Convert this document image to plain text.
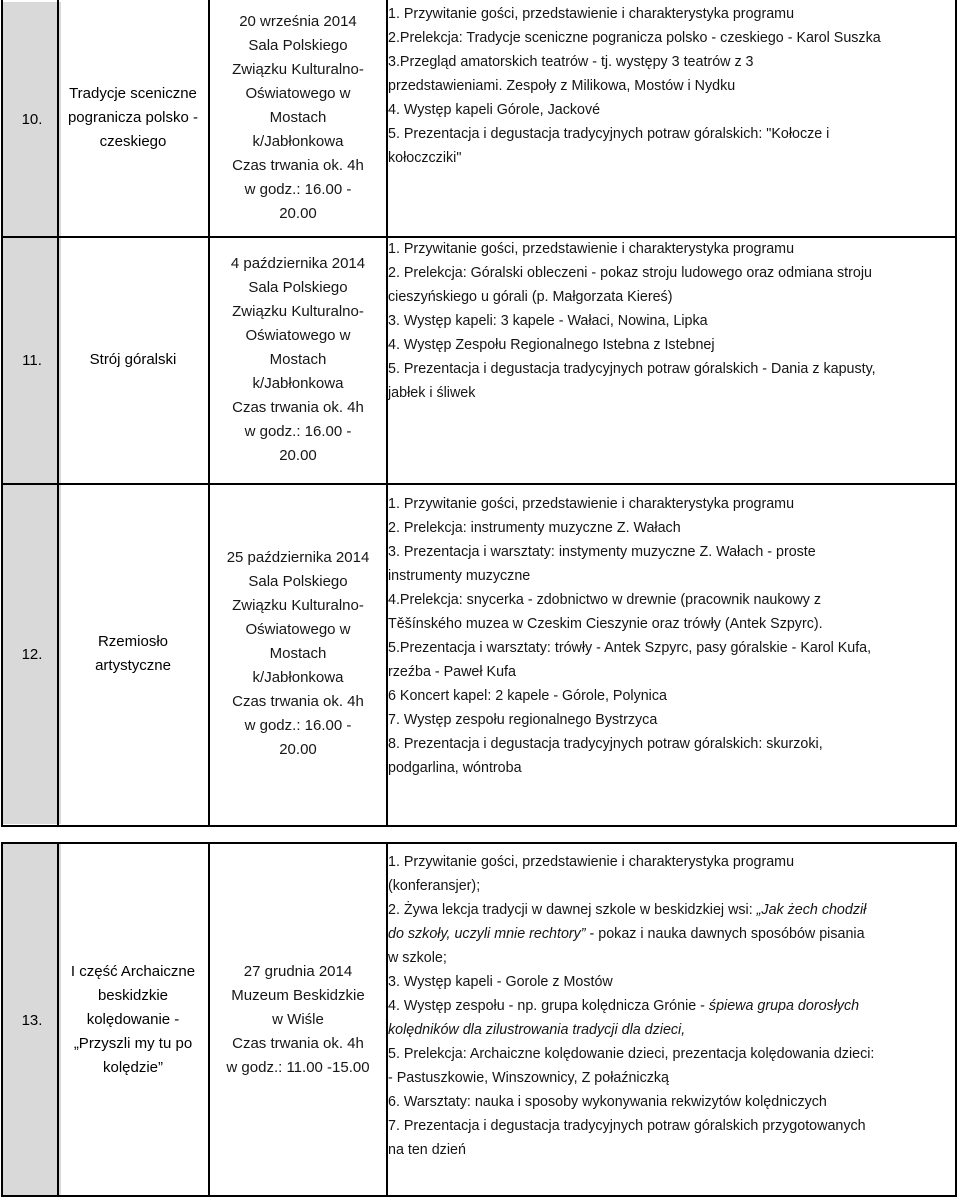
10.
Tradycje sceniczne
pogranicza polsko -
czeskiego
20 września 2014
Sala Polskiego
Związku Kulturalno-
Oświatowego w
Mostach
k/Jabłonkowa
Czas trwania ok. 4h
w godz.: 16.00 -
20.00
1. Przywitanie gości, przedstawienie i charakterystyka programu
2.Prelekcja: Tradycje sceniczne pogranicza polsko - czeskiego - Karol Suszka
3.Przegląd amatorskich teatrów - tj. występy 3 teatrów z 3
przedstawieniami. Zespoły z Milikowa, Mostów i Nydku
4. Występ kapeli Górole, Jackové
5. Prezentacja i degustacja tradycyjnych potraw góralskich: "Kołocze i
kołoczcziki"
11.	Strój góralski
4 października 2014
Sala Polskiego
Związku Kulturalno-
Oświatowego w
Mostach
k/Jabłonkowa
Czas trwania ok. 4h
w godz.: 16.00 -
20.00
1. Przywitanie gości, przedstawienie i charakterystyka programu
2. Prelekcja: Góralski obleczeni - pokaz stroju ludowego oraz odmiana stroju
cieszyńskiego u górali (p. Małgorzata Kiereś)
3. Występ kapeli: 3 kapele - Wałaci, Nowina, Lipka
4. Występ Zespołu Regionalnego Istebna z Istebnej
5. Prezentacja i degustacja tradycyjnych potraw góralskich - Dania z kapusty,
jabłek i śliwek
12.
Rzemiosło
artystyczne
25 października 2014
Sala Polskiego
Związku Kulturalno-
Oświatowego w
Mostach
k/Jabłonkowa
Czas trwania ok. 4h
w godz.: 16.00 -
20.00
1. Przywitanie gości, przedstawienie i charakterystyka programu
2. Prelekcja: instrumenty muzyczne Z. Wałach
3. Prezentacja i warsztaty: instymenty muzyczne Z. Wałach - proste
instrumenty muzyczne
4.Prelekcja: snycerka - zdobnictwo w drewnie (pracownik naukowy z
Těšínského muzea w Czeskim Cieszynie oraz trówły (Antek Szpyrc).
5.Prezentacja i warsztaty: trówły - Antek Szpyrc, pasy góralskie - Karol Kufa,
rzeźba - Paweł Kufa
6 Koncert kapel: 2 kapele - Górole, Polynica
7. Występ zespołu regionalnego Bystrzyca
8. Prezentacja i degustacja tradycyjnych potraw góralskich: skurzoki,
podgarlina, wóntroba
13.
I część Archaiczne
beskidzkie
kolędowanie -
„Przyszli my tu po
kolędzie”
27 grudnia 2014
Muzeum Beskidzkie
w Wiśle
Czas trwania ok. 4h
w godz.: 11.00 -15.00
1. Przywitanie gości, przedstawienie i charakterystyka programu
(konferansjer);
2. Żywa lekcja tradycji w dawnej szkole w beskidzkiej wsi: „Jak żech chodził
do szkoły, uczyli mnie rechtory” - pokaz i nauka dawnych sposóbów pisania
w szkole;
3. Występ kapeli - Gorole z Mostów
4. Występ zespołu - np. grupa kolędnicza Grónie - śpiewa grupa dorosłych
kolędników dla zilustrowania tradycji dla dzieci,
5. Prelekcja: Archaiczne kolędowanie dzieci, prezentacja kolędowania dzieci:
- Pastuszkowie, Winszownicy, Z połaźniczką
6. Warsztaty: nauka i sposoby wykonywania rekwizytów kolędniczych
7. Prezentacja i degustacja tradycyjnych potraw góralskich przygotowanych
na ten dzień
